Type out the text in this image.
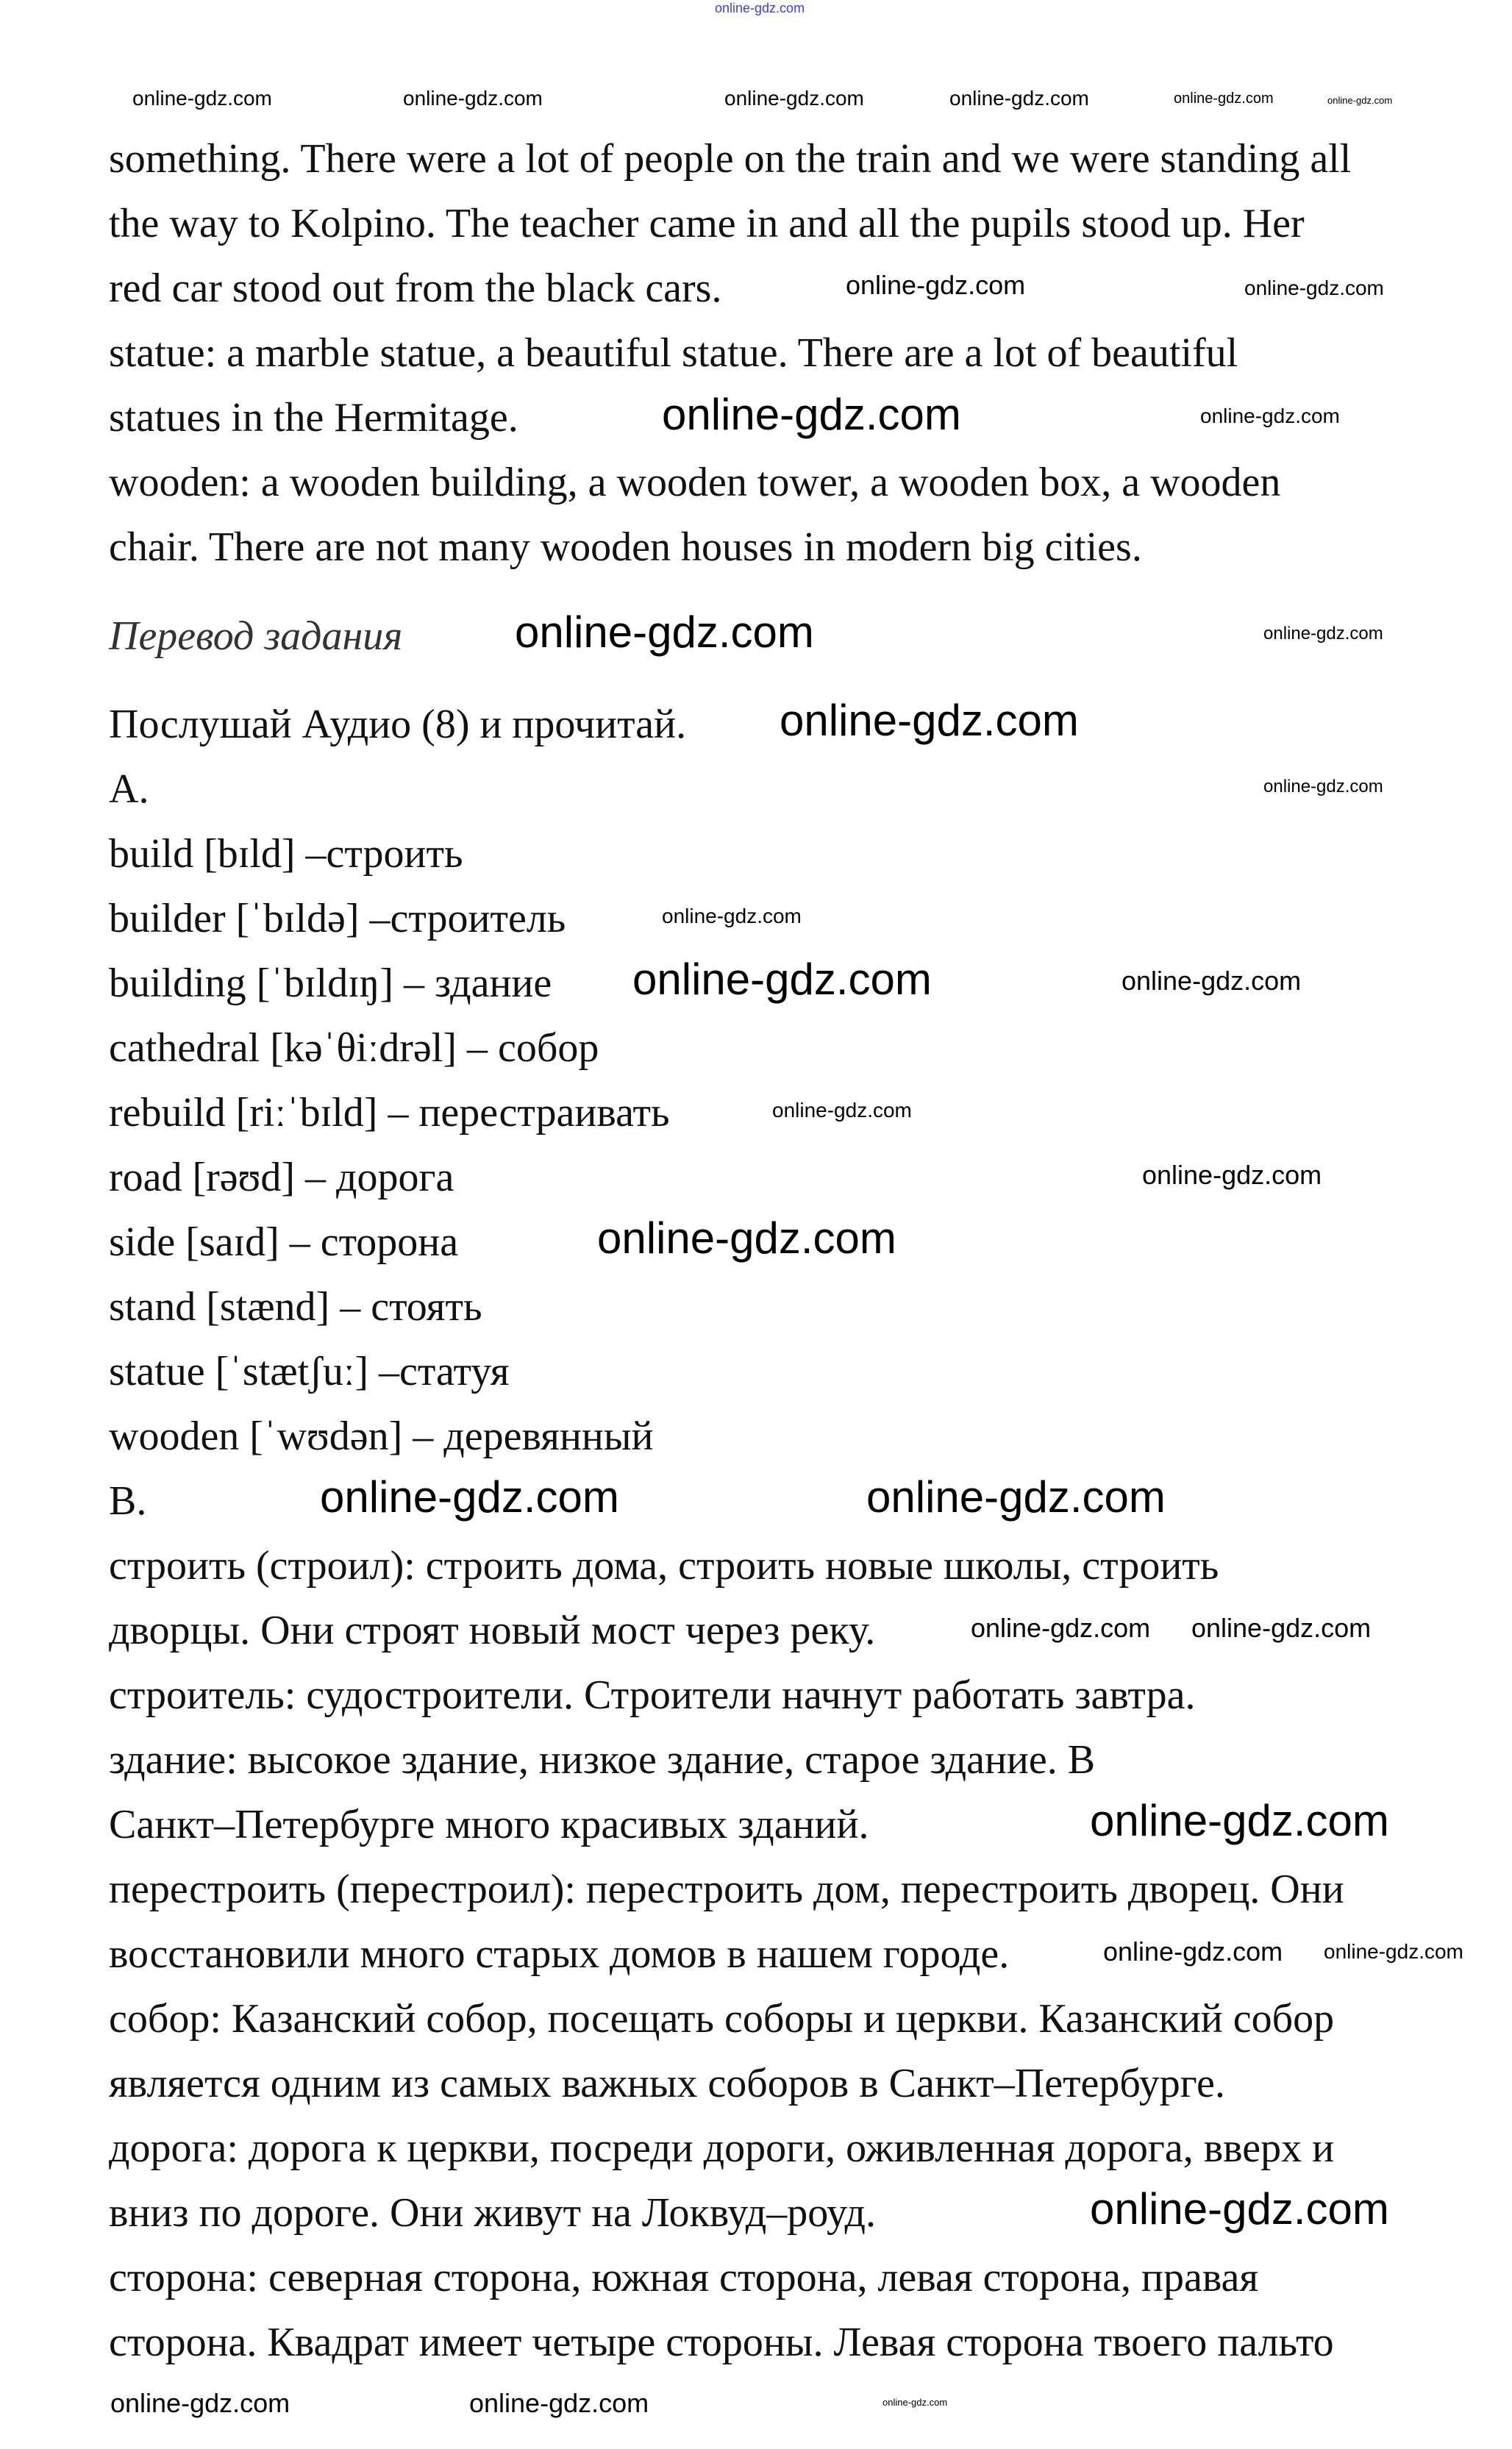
online-gdz.com
something. There were a lot of people on the train and we were standing all
the way to Kolpino. The teacher came in and all the pupils stood up. Her
red car stood out from the black cars.
statue: a marble statue, a beautiful statue. There are a lot of beautiful
statues in the Hermitage.
wooden: a wooden building, a wooden tower, a wooden box, a wooden
chair. There are not many wooden houses in modern big cities.
Перевод задания
Послушай Аудио (8) и прочитай.
A.
build [bɪld] –строить
builder [ˈbɪldə] –строитель
building [ˈbɪldɪŋ] – здание
cathedral [kəˈθiːdrəl] – собор
rebuild [riːˈbɪld] – перестраивать
road [rəʊd] – дорога
side [saɪd] – сторона
stand [stænd] – стоять
statue [ˈstætʃuː] –статуя
wooden [ˈwʊdən] – деревянный
B.
строить (строил): строить дома, строить новые школы, строить
дворцы. Они строят новый мост через реку.
строитель: судостроители. Строители начнут работать завтра.
здание: высокое здание, низкое здание, старое здание. В
Санкт–Петербурге много красивых зданий.
перестроить (перестроил): перестроить дом, перестроить дворец. Они
восстановили много старых домов в нашем городе.
собор: Казанский собор, посещать соборы и церкви. Казанский собор
является одним из самых важных соборов в Санкт–Петербурге.
дорога: дорога к церкви, посреди дороги, оживленная дорога, вверх и
вниз по дороге. Они живут на Локвуд–роуд.
сторона: северная сторона, южная сторона, левая сторона, правая
сторона. Квадрат имеет четыре стороны. Левая сторона твоего пальто
online-gdz.com
online-gdz.com
online-gdz.com
online-gdz.com
online-gdz.com
online-gdz.com	online-gdz.com
online-gdz.com
online-gdz.com
online-gdz.com
online-gdz.com
online-gdz.com
online-gdz.com online-gdz.com
online-gdz.com
online-gdz.com	online-gdz.com
online-gdz.com	online-gdz.com	online-gdz.com	online-gdz.com	online-gdz.com
online-gdz.com
online-gdz.com
online-gdz.com
online-gdz.com
online-gdz.com
online-gdz.com
online-gdz.com
online-gdz.com
online-gdz.com
